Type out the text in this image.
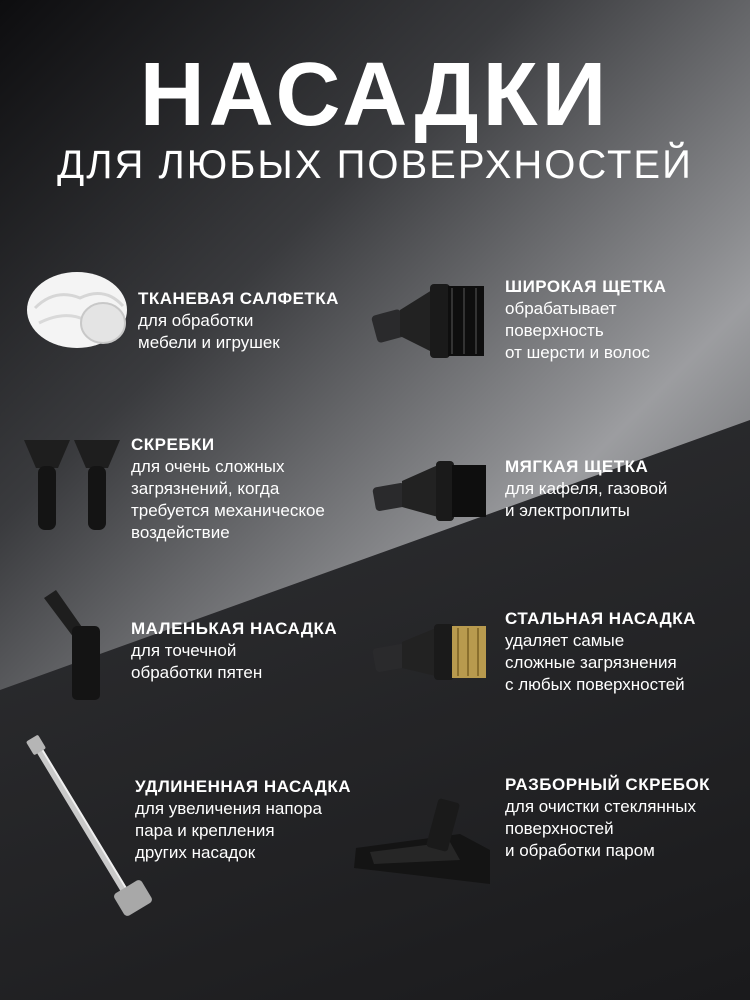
НАСАДКИ
ДЛЯ ЛЮБЫХ ПОВЕРХНОСТЕЙ
ТКАНЕВАЯ САЛФЕТКА
для обработки
мебели и игрушек
ШИРОКАЯ ЩЕТКА
обрабатывает
поверхность
от шерсти и волос
СКРЕБКИ
для очень сложных
загрязнений, когда
требуется механическое
воздействие
МЯГКАЯ ЩЕТКА
для кафеля, газовой
и электроплиты
МАЛЕНЬКАЯ НАСАДКА
для точечной
обработки пятен
СТАЛЬНАЯ НАСАДКА
удаляет самые
сложные загрязнения
с любых поверхностей
УДЛИНЕННАЯ НАСАДКА
для увеличения напора
пара и крепления
других насадок
РАЗБОРНЫЙ СКРЕБОК
для очистки стеклянных
поверхностей
и обработки паром
